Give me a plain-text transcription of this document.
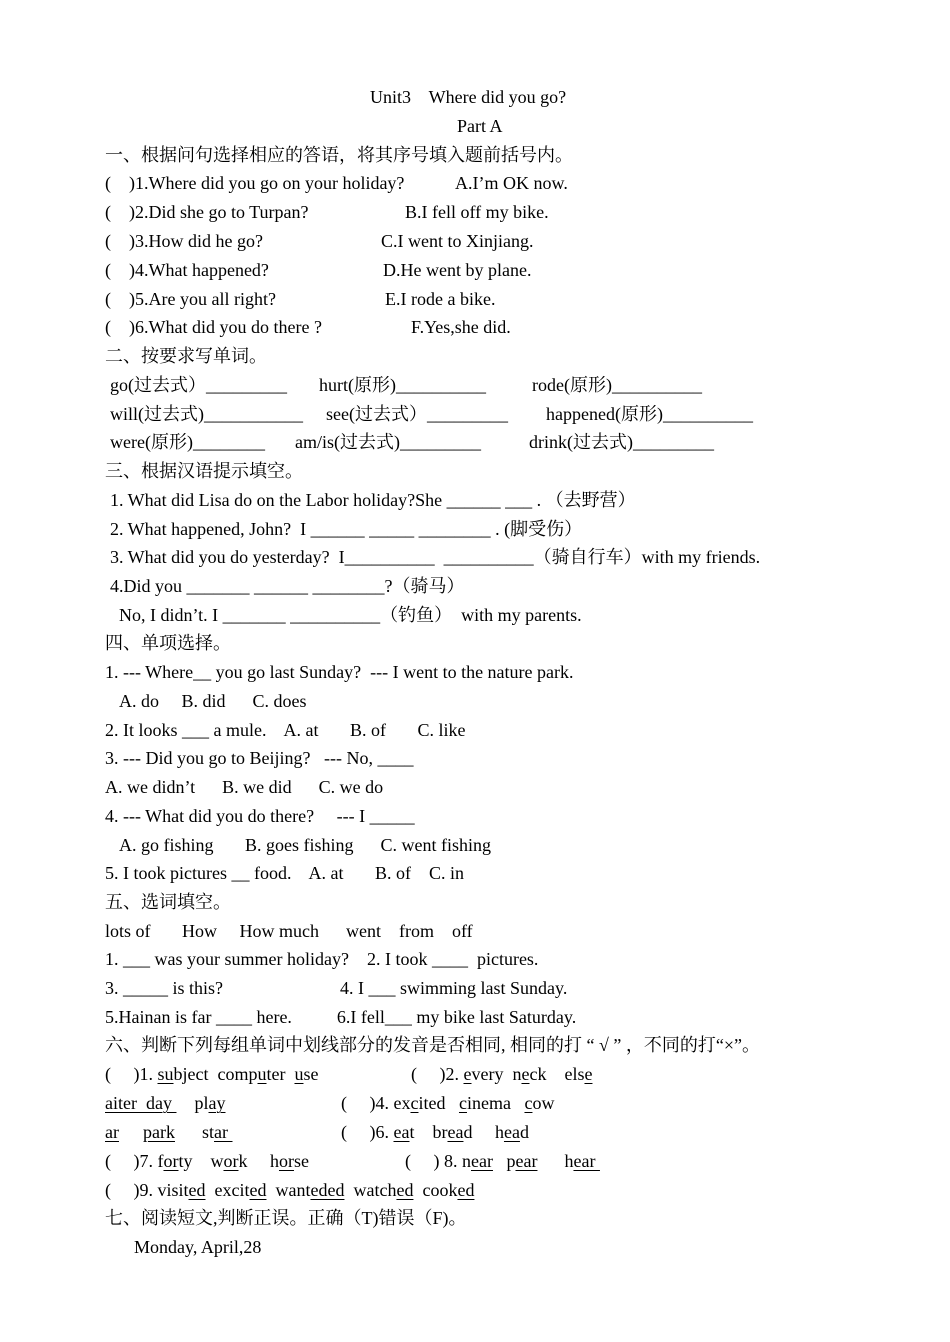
Unit3    Where did you go?
Part A
一、根据问句选择相应的答语，将其序号填入题前括号内。
(    )1.Where did you go on your holiday?	A.I’m OK now.
(    )2.Did she go to Turpan?	B.I fell off my bike.
(    )3.How did he go?	C.I went to Xinjiang.
(    )4.What happened?	D.He went by plane.
(    )5.Are you all right?	E.I rode a bike.
(    )6.What did you do there ?	F.Yes,she did.
二、按要求写单词。
go(过去式）_________ hurt(原形)__________	rode(原形)__________
will(过去式)___________ see(过去式）_________ happened(原形)__________
were(原形)________ am/is(过去式)_________	drink(过去式)_________
三、根据汉语提示填空。
1. What did Lisa do on the Labor holiday?She ______ ___ . （去野营）
2. What happened, John?  I ______ _____ ________ . (脚受伤）
3. What did you do yesterday?  I__________  __________（骑自行车）with my friends.
4.Did you _______ ______ ________?（骑马）
No, I didn’t. I _______ __________（钓鱼）  with my parents.
四、单项选择。
1. --- Where__ you go last Sunday?  --- I went to the nature park.
A. do     B. did      C. does
2. It looks ___ a mule.    A. at       B. of       C. like
3. --- Did you go to Beijing?   --- No, ____
A. we didn’t      B. we did      C. we do
4. --- What did you do there?     --- I _____
A. go fishing       B. goes fishing      C. went fishing
5. I took pictures __ food.    A. at       B. of    C. in
五、选词填空。
lots of       How     How much      went    from    off
1. ___ was your summer holiday?    2. I took ____  pictures.
3. _____ is this?                          4. I ___ swimming last Sunday.
5.Hainan is far ____ here.          6.I fell___ my bike last Saturday.
六、判断下列每组单词中划线部分的发音是否相同, 相同的打 “ √ ” ，不同的打“×”。
(     )1. subject  computer  use	(     )2. every  neck    else
aiter  day     play	(     )4. excited   cinema   cow
ar park star	(     )6. eat    bread     head
(     )7. forty    work     horse	(     ) 8. near   pear      hear
(     )9. visited  excited  wanteded  watched  cooked
七、阅读短文,判断正误。正确（T)错误（F)。
Monday, April,28
